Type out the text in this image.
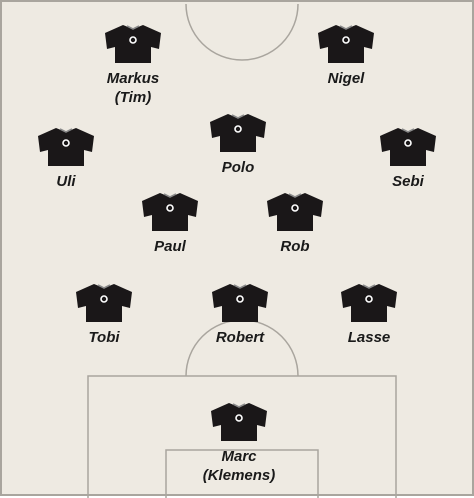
Markus
(Tim)
Nigel
Polo
Uli	Sebi
Paul	Rob
Tobi	Robert	Lasse
Marc
(Klemens)
